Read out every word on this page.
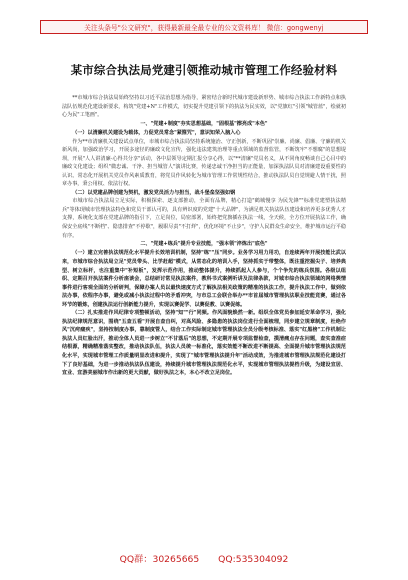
关注头条号"公文研究"，获得最新最全最专业的公文资料库！ 微信：gongwenyj
某市综合执法局党建引领推动城市管理工作经验材料

**市城市综合执法局始终坚持以习近平法治思想为指导，紧密结合新时代城市建设新形势、城市综合执法工作新特点和执法队伍规范化建设新要求，构筑"党建+N"工作模式，切实提升党建引领下的执法为民实效，以"党旗红"引领"城管蓝"，绘就初心为民"工笔画"。

一、"党建+制度"夯实思想基础，"固根基"擦亮成"本色"

（一）以清廉机关建设为载体，力促党员常念"紧箍咒"，意识知荣入脑入心

作为**市清廉机关建设试点单位，市城市综合执法局坚持系统施治、守正创新，不断巩固"崇廉、尚廉、倡廉、守廉的机关新风尚，加强政治学习，开展多途径的廉政文化宣传，强化违法建筑治理等重点领域的监督监管，不断筑牢"不想腐"的思想堤坝，开展"人人讲清廉·心得共分享"活动，各中层领导定期汇报分享心得，以"**清廉"党员名义，从不同角度畅谈自己心目中的廉政文化建设；组织"微忠诚、干净、担当城管人"演讲比赛，传递忠诚干净担当的正能量，加深执法队员对清廉建设重要性的认识。常态化开展机关党员作风素质教育，将党员作风转化为城市管理工作常规性结合，推动执法队员自觉规避人情干扰，照章办事，秉公用权、依法行权。

（二）以党建品牌创建为契机，激发党员活力与担当，战斗堡垒坚强如钢

市城市综合执法局立足实际，积极探索、逐支部推动，全面有品牌，精心打造"鹤城慢享 为民先锋""标准党建塑执法精兵"等体现城市管理执法特色和党员干部认可的，具有辨识度的党建"十大品牌"，为满足机关执法队伍建设和培养更多优秀人才支撑，系统化支部在党建品牌的指引下，立足岗位，局密部署，始终把党旗插在执法一线，全天候，全方位开展执法工作，确保安全底线"不断档"、隐患排查"不停歇"，履职尽责"不打烊"，优化环境"不止步"，守护人民群众生命安全，维护城市运行平稳有序。

二、"党建+练兵"提升专业技能，"强本领"淬炼出"底色"

（一）建立完善执法规范化水平提升长效培训机制，坚持"练""压"同步。业务学习用力用功，自连续两年开展技能比武以来，市城市综合执法局立足"党员带头、比学赶超"模式，从常态化的培训入手，坚持抓实于带整体，既注重挖掘尖子、培养典型、树立标杆，也注重集中"补短板"，发挥示范作用，推动整体提升，持续抓起人人参与，个个争先的练兵氛围。各级以组织、定期召开执法案件分析座谈会，总结研讨常见执法案件，教科书式案例听讲及法律条款，对城市综合执法领域的网络舆情事件进行客观全面的分析研判，保障办案人员以最快速度方式了解执法相关政策的精准的执法工作，提升执法工作中，做到依法办事，依程序办事，避免或减小执法过程中的矛盾冲突，与市总工会联合举办**市首届城市管理执法职业技能竞赛，通过各环节的锻炼，创建执法运行创新能力提升，实现以赛促学、以赛促教、以赛促练。

（二）扎实推进作风纪律专项整顿活动，坚持"知""行"同频。作风面貌焕然一新。组织全体党员参加延安革命学习，强化执法纪律规范意识，围绕"五查五看"开展自查自纠，对高风险、多隐患的执法岗位进行全面梳理，同步建立规章制度，杜绝作风"沉疴痼疾"，坚持按制度办事，靠制度管人，结合工作实际制定城市管理执法全员分级考核标准、落实"红黑榜"工作机制让执法人员红脸出汗，推动全体人员进一步树立"不甘落后"的思想，不定期开展专项监督检查，摸清痛点存在问题，查实查准症结根源，精确精准落实整改，推动执法队伍，执法人员统一标准化，落实效能不断改进不断提高、全面提升城市管理执法规范化水平，实现城市管理工作质量明显改进和提升，实现了"城市管理执法提升年"活动成效，为推进城市管理执法规范化建设打下了良好基础，为进一步推动执法队伍建设，持续提升城市管理执法规范化水平，实现城市管理执法提档升级，为建设宜居、宜业、宜游美丽城市作出新的更大贡献，做好执法之本，本心不改立足岗位。

QQ群：30265665 QQ:535304092
